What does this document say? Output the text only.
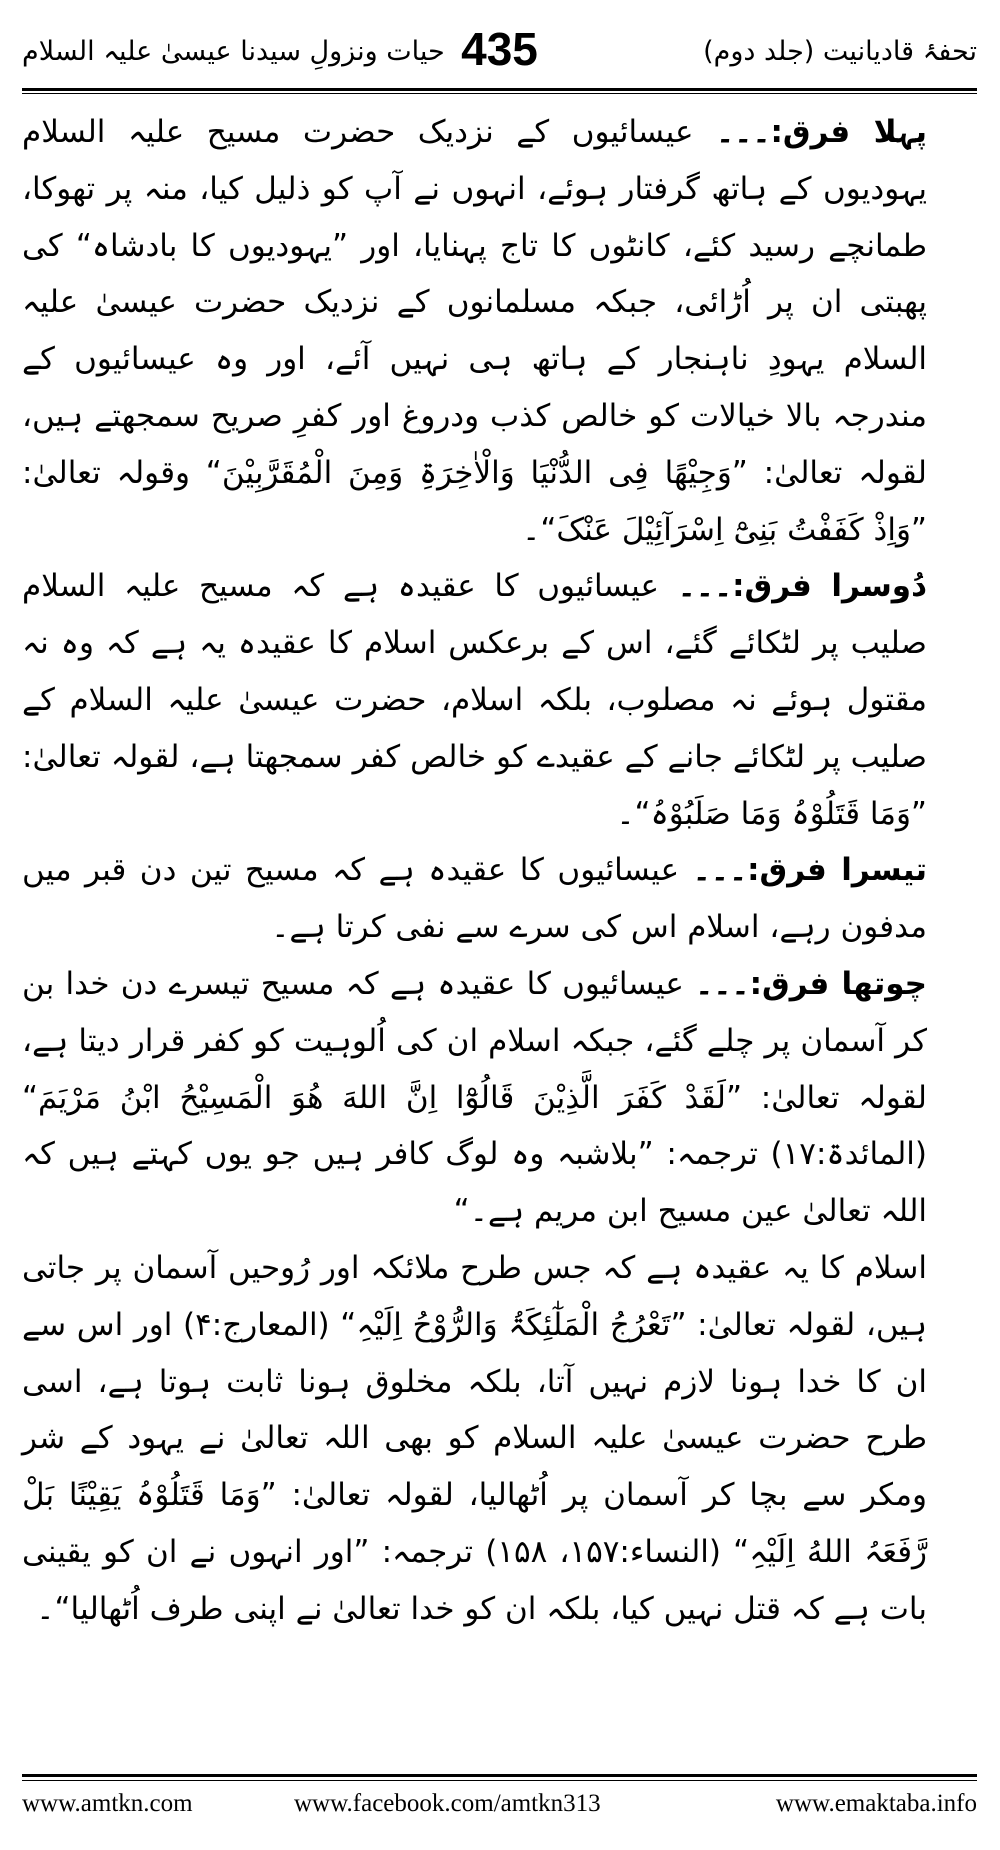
تحفۂ قادیانیت (جلد دوم)
435
حیات ونزولِ سیدنا عیسیٰ علیہ السلام

پہلا فرق:۔۔۔ عیسائیوں کے نزدیک حضرت مسیح علیہ السلام یہودیوں کے ہاتھ گرفتار ہوئے، انہوں نے آپ کو ذلیل کیا، منہ پر تھوکا، طمانچے رسید کئے، کانٹوں کا تاج پہنایا، اور ”یہودیوں کا بادشاہ“ کی پھبتی ان پر اُڑائی، جبکہ مسلمانوں کے نزدیک حضرت عیسیٰ علیہ السلام یہودِ ناہنجار کے ہاتھ ہی نہیں آئے، اور وہ عیسائیوں کے مندرجہ بالا خیالات کو خالص کذب ودروغ اور کفرِ صریح سمجھتے ہیں، لقولہ تعالیٰ: ”وَجِیْھًا فِی الدُّنْیَا وَالْاٰخِرَۃِ وَمِنَ الْمُقَرَّبِیْنَ“ وقولہ تعالیٰ: ”وَاِذْ کَفَفْتُ بَنِیْٓ اِسْرَآئِیْلَ عَنْکَ“۔

دُوسرا فرق:۔۔۔ عیسائیوں کا عقیدہ ہے کہ مسیح علیہ السلام صلیب پر لٹکائے گئے، اس کے برعکس اسلام کا عقیدہ یہ ہے کہ وہ نہ مقتول ہوئے نہ مصلوب، بلکہ اسلام، حضرت عیسیٰ علیہ السلام کے صلیب پر لٹکائے جانے کے عقیدے کو خالص کفر سمجھتا ہے، لقولہ تعالیٰ: ”وَمَا قَتَلُوْہُ وَمَا صَلَبُوْہُ“۔

تیسرا فرق:۔۔۔ عیسائیوں کا عقیدہ ہے کہ مسیح تین دن قبر میں مدفون رہے، اسلام اس کی سرے سے نفی کرتا ہے۔

چوتھا فرق:۔۔۔ عیسائیوں کا عقیدہ ہے کہ مسیح تیسرے دن خدا بن کر آسمان پر چلے گئے، جبکہ اسلام ان کی اُلوہیت کو کفر قرار دیتا ہے، لقولہ تعالیٰ: ”لَقَدْ کَفَرَ الَّذِیْنَ قَالُوْٓا اِنَّ اللهَ ھُوَ الْمَسِیْحُ ابْنُ مَرْیَمَ“ (المائدۃ:۱۷) ترجمہ: ”بلاشبہ وہ لوگ کافر ہیں جو یوں کہتے ہیں کہ اللہ تعالیٰ عین مسیح ابن مریم ہے۔“

اسلام کا یہ عقیدہ ہے کہ جس طرح ملائکہ اور رُوحیں آسمان پر جاتی ہیں، لقولہ تعالیٰ: ”تَعْرُجُ الْمَلٰٓئِکَۃُ وَالرُّوْحُ اِلَیْہِ“ (المعارج:۴) اور اس سے ان کا خدا ہونا لازم نہیں آتا، بلکہ مخلوق ہونا ثابت ہوتا ہے، اسی طرح حضرت عیسیٰ علیہ السلام کو بھی اللہ تعالیٰ نے یہود کے شر ومکر سے بچا کر آسمان پر اُٹھالیا، لقولہ تعالیٰ: ”وَمَا قَتَلُوْہُ یَقِیْنًا بَلْ رَّفَعَہُ اللهُ اِلَیْہِ“ (النساء:۱۵۷، ۱۵۸) ترجمہ: ”اور انہوں نے ان کو یقینی بات ہے کہ قتل نہیں کیا، بلکہ ان کو خدا تعالیٰ نے اپنی طرف اُٹھالیا“۔

www.amtkn.com	www.facebook.com/amtkn313	www.emaktaba.info
